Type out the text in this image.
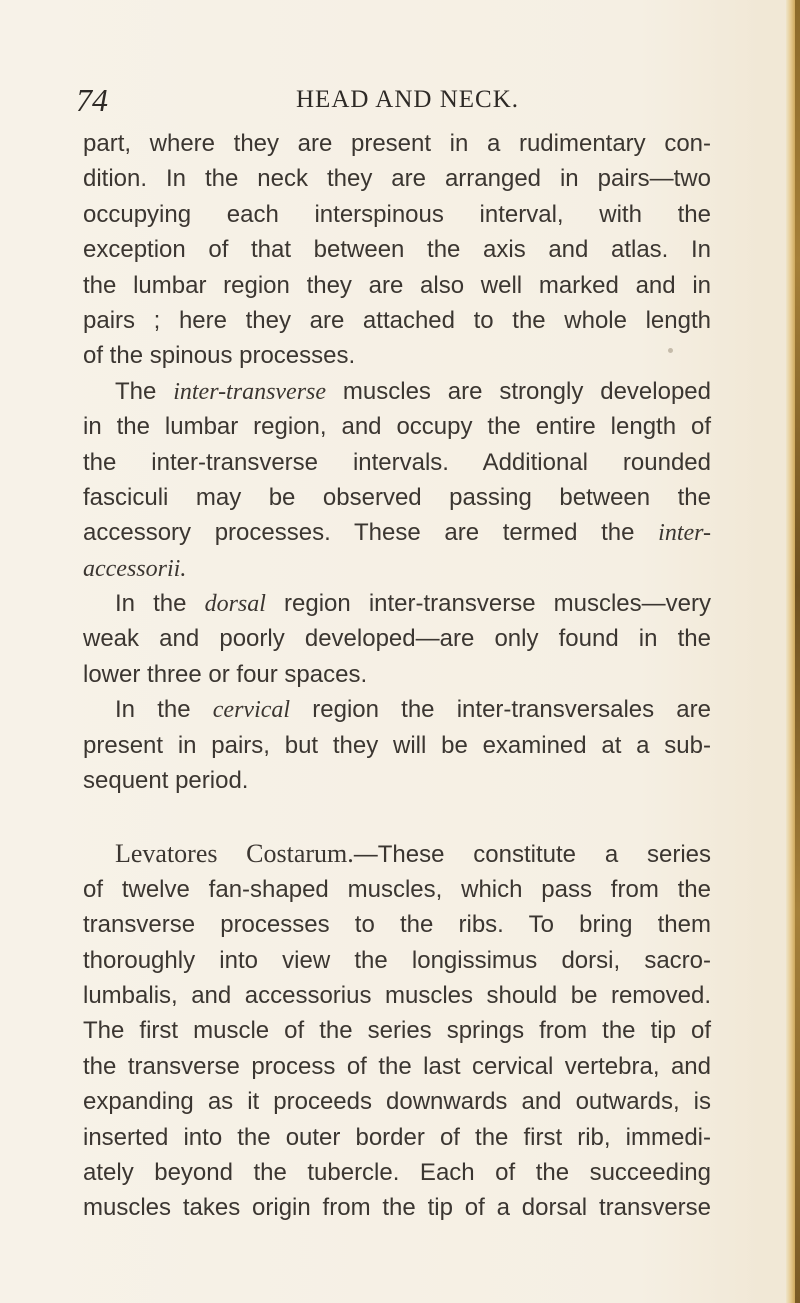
74	HEAD AND NECK.
part, where they are present in a rudimentary con-
dition. In the neck they are arranged in pairs—two
occupying each interspinous interval, with the
exception of that between the axis and atlas. In
the lumbar region they are also well marked and in
pairs ; here they are attached to the whole length
of the spinous processes.
The inter-transverse muscles are strongly developed
in the lumbar region, and occupy the entire length of
the inter-transverse intervals. Additional rounded
fasciculi may be observed passing between the
accessory processes. These are termed the inter-
accessorii.
In the dorsal region inter-transverse muscles—very
weak and poorly developed—are only found in the
lower three or four spaces.
In the cervical region the inter-transversales are
present in pairs, but they will be examined at a sub-
sequent period.
Levatores Costarum.—These constitute a series
of twelve fan-shaped muscles, which pass from the
transverse processes to the ribs. To bring them
thoroughly into view the longissimus dorsi, sacro-
lumbalis, and accessorius muscles should be removed.
The first muscle of the series springs from the tip of
the transverse process of the last cervical vertebra, and
expanding as it proceeds downwards and outwards, is
inserted into the outer border of the first rib, immedi-
ately beyond the tubercle. Each of the succeeding
muscles takes origin from the tip of a dorsal transverse
